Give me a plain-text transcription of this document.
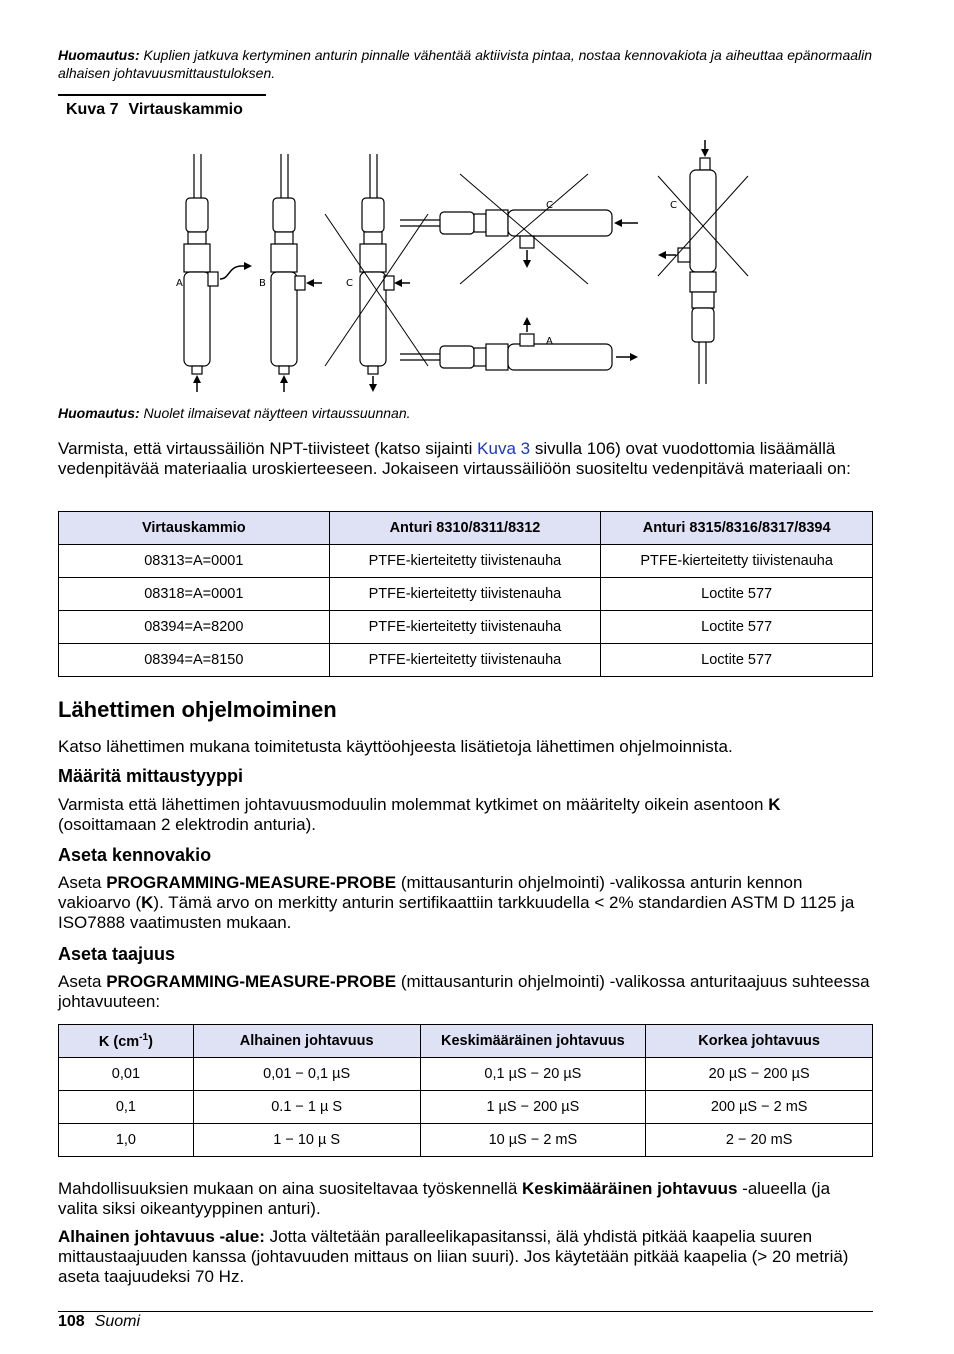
Huomautus: Kuplien jatkuva kertyminen anturin pinnalle vähentää aktiivista pintaa, nostaa kennovakiota ja aiheuttaa epänormaalin alhaisen johtavuusmittaustuloksen.
Kuva 7 Virtauskammio
A	B	C
C
A
C
Huomautus: Nuolet ilmaisevat näytteen virtaussuunnan.
Varmista, että virtaussäiliön NPT-tiivisteet (katso sijainti Kuva 3 sivulla 106) ovat vuodottomia lisäämällä vedenpitävää materiaalia uroskierteeseen. Jokaiseen virtaussäiliöön suositeltu vedenpitävä materiaali on:
Virtauskammio	Anturi 8310/8311/8312	Anturi 8315/8316/8317/8394
08313=A=0001	PTFE-kierteitetty tiivistenauha	PTFE-kierteitetty tiivistenauha
08318=A=0001	PTFE-kierteitetty tiivistenauha	Loctite 577
08394=A=8200	PTFE-kierteitetty tiivistenauha	Loctite 577
08394=A=8150	PTFE-kierteitetty tiivistenauha	Loctite 577
Lähettimen ohjelmoiminen
Katso lähettimen mukana toimitetusta käyttöohjeesta lisätietoja lähettimen ohjelmoinnista.
Määritä mittaustyyppi
Varmista että lähettimen johtavuusmoduulin molemmat kytkimet on määritelty oikein asentoon K (osoittamaan 2 elektrodin anturia).
Aseta kennovakio
Aseta PROGRAMMING-MEASURE-PROBE (mittausanturin ohjelmointi) -valikossa anturin kennon vakioarvo (K). Tämä arvo on merkitty anturin sertifikaattiin tarkkuudella < 2% standardien ASTM D 1125 ja ISO7888 vaatimusten mukaan.
Aseta taajuus
Aseta PROGRAMMING-MEASURE-PROBE (mittausanturin ohjelmointi) -valikossa anturitaajuus suhteessa johtavuuteen:
K $(cm^{-1})$	Alhainen johtavuus	Keskimääräinen johtavuus	Korkea johtavuus
0,01	0,01 − 0,1 µS	0,1 µS − 20 µS	20 µS − 200 µS
0,1	0.1 − 1 µ S	1 µS − 200 µS	200 µS − 2 mS
1,0	1 − 10 µ S	10 µS − 2 mS	2 − 20 mS
Mahdollisuuksien mukaan on aina suositeltavaa työskennellä Keskimääräinen johtavuus -alueella (ja valita siksi oikeantyyppinen anturi).
Alhainen johtavuus -alue: Jotta vältetään paralleelikapasitanssi, älä yhdistä pitkää kaapelia suuren mittaustaajuuden kanssa (johtavuuden mittaus on liian suuri). Jos käytetään pitkää kaapelia (> 20 metriä) aseta taajuudeksi 70 Hz.
108 Suomi
